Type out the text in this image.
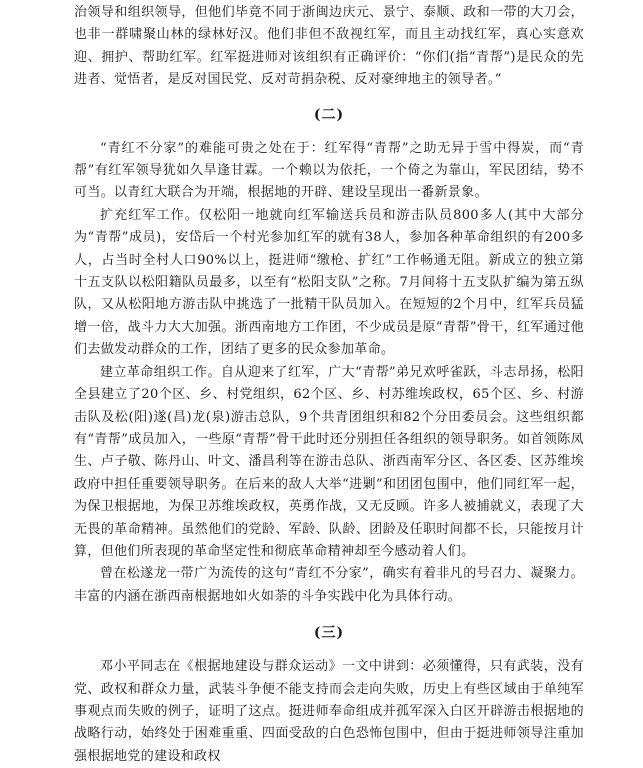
治领导和组织领导，但他们毕竟不同于浙闽边庆元、景宁、泰顺、政和一带的大刀会，也非一群啸聚山林的绿林好汉。他们非但不敌视红军，而且主动找红军，真心实意欢迎、拥护、帮助红军。红军挺进师对该组织有正确评价：“你们(指“青帮”)是民众的先进者、觉悟者，是反对国民党、反对苛捐杂税、反对豪绅地主的领导者。”

(二)

“青红不分家”的难能可贵之处在于：红军得“青帮”之助无异于雪中得炭，而“青帮”有红军领导犹如久旱逢甘霖。一个赖以为依托，一个倚之为靠山，军民团结，势不可当。以青红大联合为开端，根据地的开辟、建设呈现出一番新景象。

扩充红军工作。仅松阳一地就向红军输送兵员和游击队员800多人(其中大部分为“青帮”成员)，安岱后一个村光参加红军的就有38人，参加各种革命组织的有200多人，占当时全村人口90%以上，挺进师“缴枪、扩红”工作畅通无阻。新成立的独立第十五支队以松阳籍队员最多，以至有“松阳支队”之称。7月间将十五支队扩编为第五纵队，又从松阳地方游击队中挑选了一批精干队员加入。在短短的2个月中，红军兵员猛增一倍，战斗力大大加强。浙西南地方工作团，不少成员是原“青帮”骨干，红军通过他们去做发动群众的工作，团结了更多的民众参加革命。

建立革命组织工作。自从迎来了红军，广大“青帮”弟兄欢呼雀跃，斗志昂扬，松阳全县建立了20个区、乡、村党组织，62个区、乡、村苏维埃政权，65个区、乡、村游击队及松(阳)遂(昌)龙(泉)游击总队，9个共青团组织和82个分田委员会。这些组织都有“青帮”成员加入，一些原“青帮”骨干此时还分别担任各组织的领导职务。如首领陈凤生、卢子敬、陈丹山、叶文、潘昌利等在游击总队、浙西南军分区、各区委、区苏维埃政府中担任重要领导职务。在后来的敌人大举“进剿”和团团包围中，他们同红军一起，为保卫根据地，为保卫苏维埃政权，英勇作战，又无反顾。许多人被捕就义，表现了大无畏的革命精神。虽然他们的党龄、军龄、队龄、团龄及任职时间都不长，只能按月计算，但他们所表现的革命坚定性和彻底革命精神却至今感动着人们。

曾在松遂龙一带广为流传的这句“青红不分家”，确实有着非凡的号召力、凝聚力。丰富的内涵在浙西南根据地如火如荼的斗争实践中化为具体行动。

(三)

邓小平同志在《根据地建设与群众运动》一文中讲到：必须懂得，只有武装，没有党、政权和群众力量，武装斗争便不能支持而会走向失败，历史上有些区域由于单纯军事观点而失败的例子，证明了这点。挺进师奉命组成并孤军深入白区开辟游击根据地的战略行动，始终处于困难重重、四面受敌的白色恐怖包围中，但由于挺进师领导注重加强根据地党的建设和政权
